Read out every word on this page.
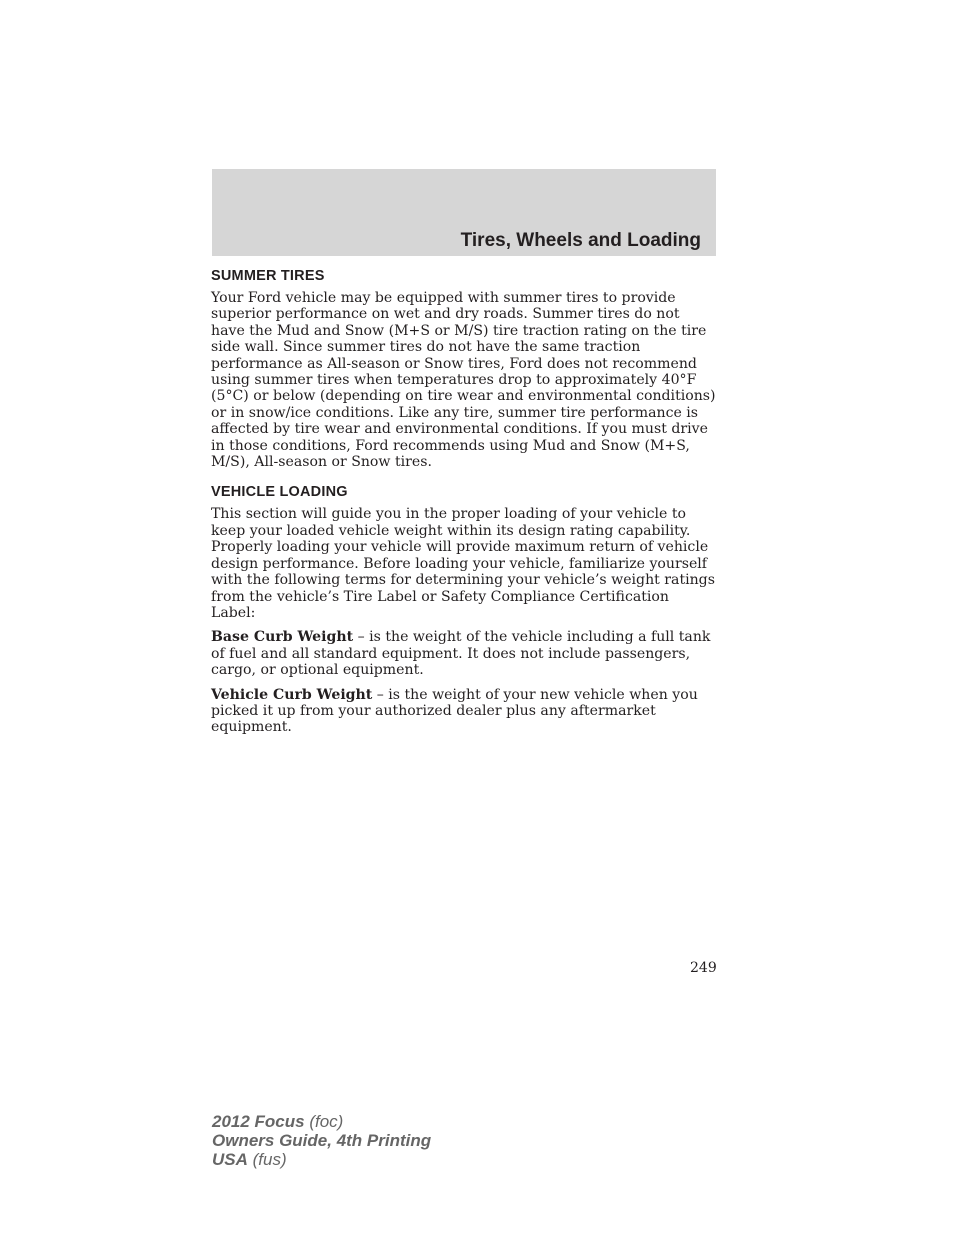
Tires, Wheels and Loading
SUMMER TIRES

Your Ford vehicle may be equipped with summer tires to provide superior performance on wet and dry roads. Summer tires do not have the Mud and Snow (M+S or M/S) tire traction rating on the tire side wall. Since summer tires do not have the same traction performance as All-season or Snow tires, Ford does not recommend using summer tires when temperatures drop to approximately 40°F (5°C) or below (depending on tire wear and environmental conditions) or in snow/ice conditions. Like any tire, summer tire performance is affected by tire wear and environmental conditions. If you must drive in those conditions, Ford recommends using Mud and Snow (M+S, M/S), All-season or Snow tires.

VEHICLE LOADING

This section will guide you in the proper loading of your vehicle to keep your loaded vehicle weight within its design rating capability. Properly loading your vehicle will provide maximum return of vehicle design performance. Before loading your vehicle, familiarize yourself with the following terms for determining your vehicle’s weight ratings from the vehicle’s Tire Label or Safety Compliance Certification Label:

Base Curb Weight – is the weight of the vehicle including a full tank of fuel and all standard equipment. It does not include passengers, cargo, or optional equipment.

Vehicle Curb Weight – is the weight of your new vehicle when you picked it up from your authorized dealer plus any aftermarket equipment.

249
2012 Focus (foc)
Owners Guide, 4th Printing
USA (fus)
